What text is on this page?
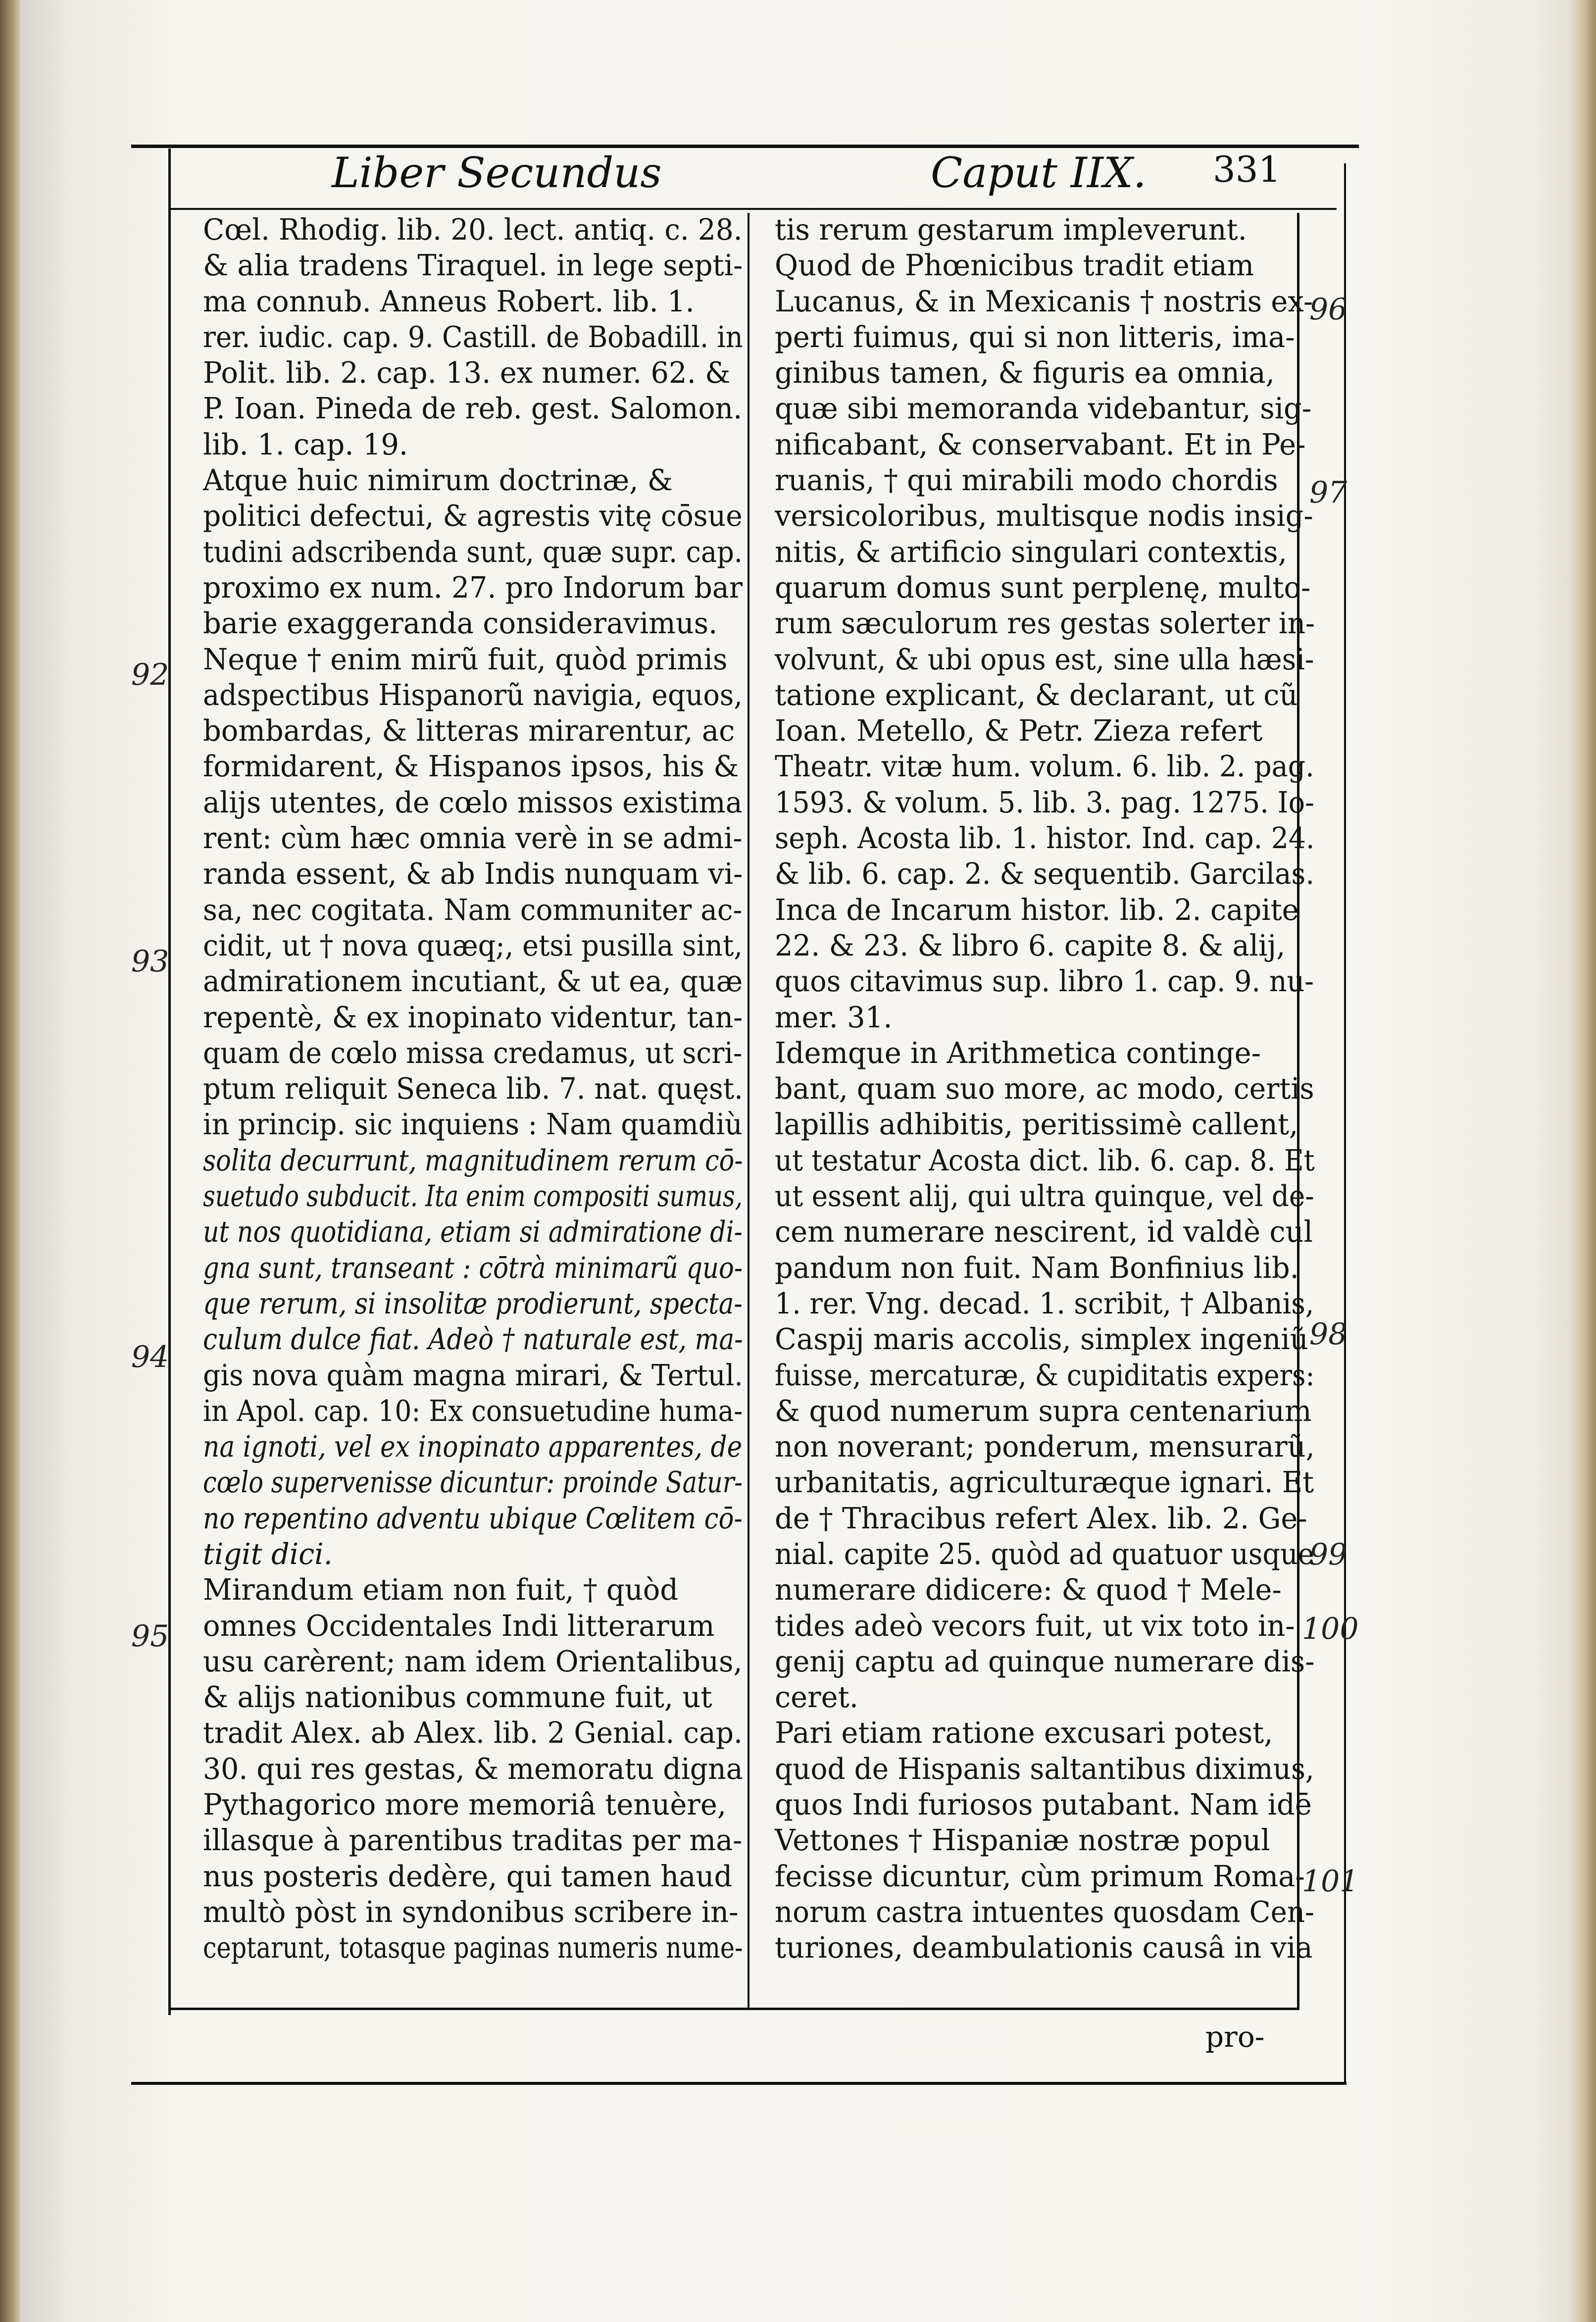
Liber Secundus	Caput IIX. 331
Cœl. Rhodig. lib. 20. lect. antiq. c. 28.
& alia tradens Tiraquel. in lege septi-
ma connub. Anneus Robert. lib. 1.
rer. iudic. cap. 9. Castill. de Bobadill. in
Polit. lib. 2. cap. 13. ex numer. 62. &
P. Ioan. Pineda de reb. gest. Salomon.
lib. 1. cap. 19.
Atque huic nimirum doctrinæ, &
politici defectui, & agrestis vitę cōsue
tudini adscribenda sunt, quæ supr. cap.
proximo ex num. 27. pro Indorum bar
barie exaggeranda consideravimus.
Neque † enim mirũ fuit, quòd primis
adspectibus Hispanorũ navigia, equos,
bombardas, & litteras mirarentur, ac
formidarent, & Hispanos ipsos, his &
alijs utentes, de cœlo missos existima
rent: cùm hæc omnia verè in se admi-
randa essent, & ab Indis nunquam vi-
sa, nec cogitata. Nam communiter ac-
cidit, ut † nova quæq;, etsi pusilla sint,
admirationem incutiant, & ut ea, quæ
repentè, & ex inopinato videntur, tan-
quam de cœlo missa credamus, ut scri-
ptum reliquit Seneca lib. 7. nat. quęst.
in princip. sic inquiens : Nam quamdiù
solita decurrunt, magnitudinem rerum cō-
suetudo subducit. Ita enim compositi sumus,
ut nos quotidiana, etiam si admiratione di-
gna sunt, transeant : cōtrà minimarũ quo-
que rerum, si insolitæ prodierunt, specta-
culum dulce fiat. Adeò † naturale est, ma-
gis nova quàm magna mirari, & Tertul.
in Apol. cap. 10: Ex consuetudine huma-
na ignoti, vel ex inopinato apparentes, de
cœlo supervenisse dicuntur: proinde Satur-
no repentino adventu ubique Cœlitem cō-
tigit dici.
Mirandum etiam non fuit, † quòd
omnes Occidentales Indi litterarum
usu carèrent; nam idem Orientalibus,
& alijs nationibus commune fuit, ut
tradit Alex. ab Alex. lib. 2 Genial. cap.
30. qui res gestas, & memoratu digna
Pythagorico more memoriâ tenuère,
illasque à parentibus traditas per ma-
nus posteris dedère, qui tamen haud
multò pòst in syndonibus scribere in-
ceptarunt, totasque paginas numeris nume-
tis rerum gestarum impleverunt.
Quod de Phœnicibus tradit etiam
Lucanus, & in Mexicanis † nostris ex-
perti fuimus, qui si non litteris, ima-
ginibus tamen, & figuris ea omnia,
quæ sibi memoranda videbantur, sig-
nificabant, & conservabant. Et in Pe-
ruanis, † qui mirabili modo chordis
versicoloribus, multisque nodis insig-
nitis, & artificio singulari contextis,
quarum domus sunt perplenę, multo-
rum sæculorum res gestas solerter in-
volvunt, & ubi opus est, sine ulla hæsi-
tatione explicant, & declarant, ut cũ
Ioan. Metello, & Petr. Zieza refert
Theatr. vitæ hum. volum. 6. lib. 2. pag.
1593. & volum. 5. lib. 3. pag. 1275. Io-
seph. Acosta lib. 1. histor. Ind. cap. 24.
& lib. 6. cap. 2. & sequentib. Garcilas.
Inca de Incarum histor. lib. 2. capite
22. & 23. & libro 6. capite 8. & alij,
quos citavimus sup. libro 1. cap. 9. nu-
mer. 31.
Idemque in Arithmetica continge-
bant, quam suo more, ac modo, certis
lapillis adhibitis, peritissimè callent,
ut testatur Acosta dict. lib. 6. cap. 8. Et
ut essent alij, qui ultra quinque, vel de-
cem numerare nescirent, id valdè cul
pandum non fuit. Nam Bonfinius lib.
1. rer. Vng. decad. 1. scribit, † Albanis,
Caspij maris accolis, simplex ingeniũ
fuisse, mercaturæ, & cupiditatis expers:
& quod numerum supra centenarium
non noverant; ponderum, mensurarũ,
urbanitatis, agriculturæque ignari. Et
de † Thracibus refert Alex. lib. 2. Ge-
nial. capite 25. quòd ad quatuor usque
numerare didicere: & quod † Mele-
tides adeò vecors fuit, ut vix toto in-
genij captu ad quinque numerare dis-
ceret.
Pari etiam ratione excusari potest,
quod de Hispanis saltantibus diximus,
quos Indi furiosos putabant. Nam idē
Vettones † Hispaniæ nostræ popul
fecisse dicuntur, cùm primum Roma-
norum castra intuentes quosdam Cen-
turiones, deambulationis causâ in via
92
93
94
95
96
97
98
99
100
101
pro-
